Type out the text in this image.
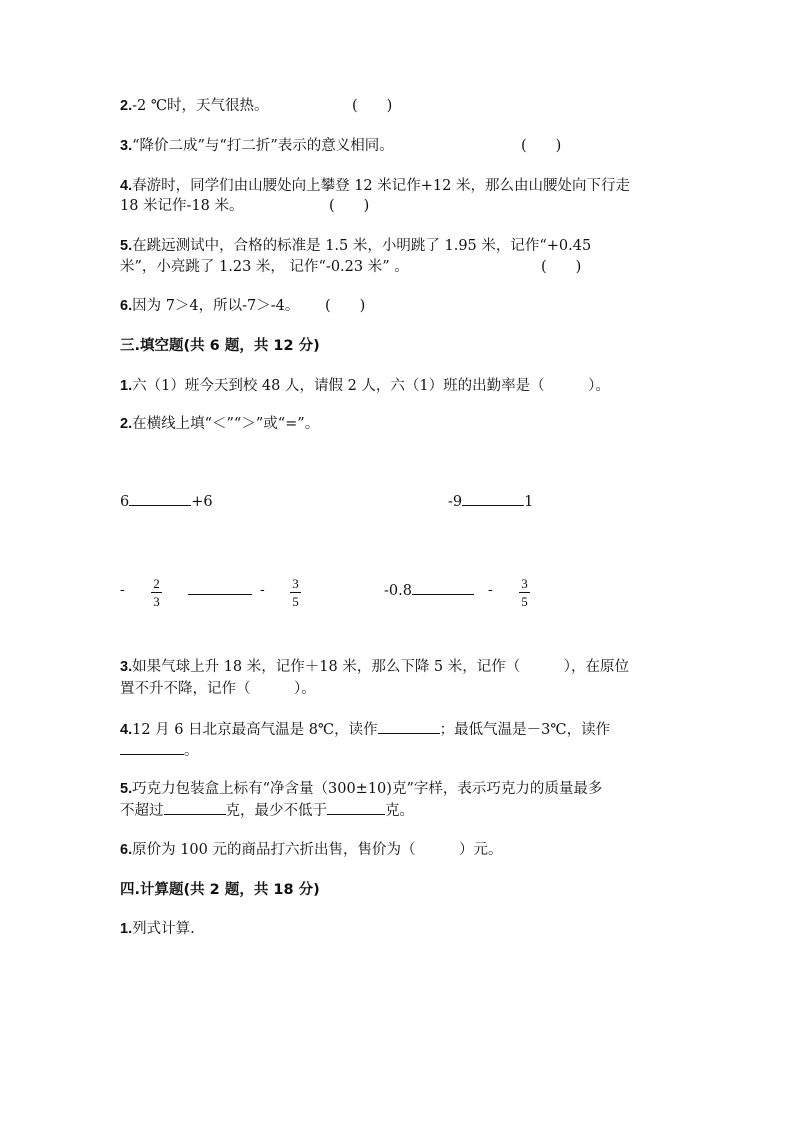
2.-2 ℃时，天气很热。	(　　)
3.“降价二成”与“打二折”表示的意义相同。	(　　)
4.春游时，同学们由山腰处向上攀登 12 米记作+12 米，那么由山腰处向下行走
18 米记作-18 米。	(　　)
5.在跳远测试中，合格的标准是 1.5 米，小明跳了 1.95 米，记作“+0.45
米”，小亮跳了 1.23 米， 记作“-0.23 米” 。	(　　)
6.因为 7＞4，所以-7＞-4。 (　　)
三.填空题(共 6 题，共 12 分)
1.六（1）班今天到校 48 人，请假 2 人，六（1）班的出勤率是（　　　）。
2.在横线上填“＜”“＞”或“=”。
6	+6	-9	1
- 2
3
- 3
5
-0.8	- 3
5
3.如果气球上升 18 米，记作＋18 米，那么下降 5 米，记作（　　　），在原位
置不升不降，记作（　　　）。
4.12 月 6 日北京最高气温是 8℃，读作	；最低气温是－3℃，读作
。
5.巧克力包装盒上标有“净含量（300±10)克”字样，表示巧克力的质量最多
不超过	克，最少不低于	克。
6.原价为 100 元的商品打六折出售，售价为（　　　）元。
四.计算题(共 2 题，共 18 分)
1.列式计算.
